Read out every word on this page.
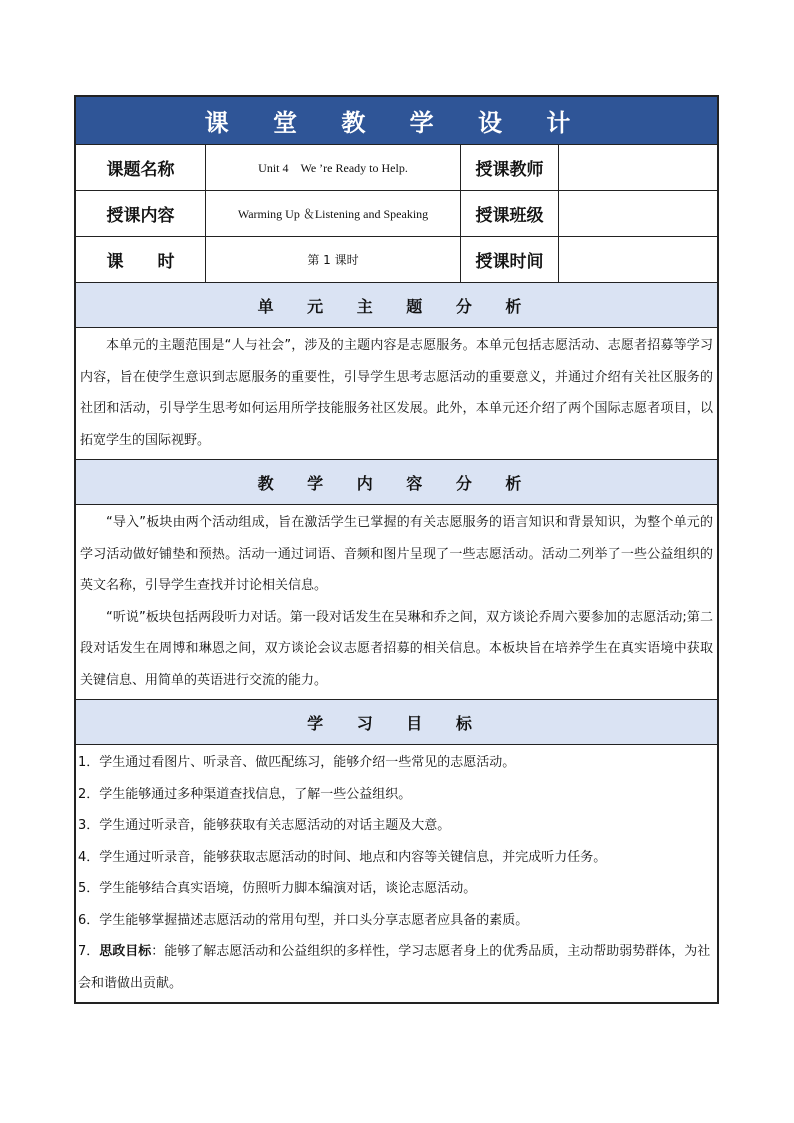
课 堂 教 学 设 计
课题名称	Unit 4　We ’re Ready to Help.	授课教师
授课内容	Warming Up ＆Listening and Speaking	授课班级
课　　时	第 1 课时	授课时间
单 元 主 题 分 析

本单元的主题范围是“人与社会”，涉及的主题内容是志愿服务。本单元包括志愿活动、志愿者招募等学习内容，旨在使学生意识到志愿服务的重要性，引导学生思考志愿活动的重要意义，并通过介绍有关社区服务的社团和活动，引导学生思考如何运用所学技能服务社区发展。此外，本单元还介绍了两个国际志愿者项目，以拓宽学生的国际视野。

教 学 内 容 分 析

“导入”板块由两个活动组成，旨在激活学生已掌握的有关志愿服务的语言知识和背景知识，为整个单元的学习活动做好铺垫和预热。活动一通过词语、音频和图片呈现了一些志愿活动。活动二列举了一些公益组织的英文名称，引导学生查找并讨论相关信息。

“听说”板块包括两段听力对话。第一段对话发生在吴琳和乔之间，双方谈论乔周六要参加的志愿活动;第二段对话发生在周博和琳恩之间，双方谈论会议志愿者招募的相关信息。本板块旨在培养学生在真实语境中获取关键信息、用简单的英语进行交流的能力。

学 习 目 标
1．学生通过看图片、听录音、做匹配练习，能够介绍一些常见的志愿活动。
2．学生能够通过多种渠道查找信息，了解一些公益组织。
3．学生通过听录音，能够获取有关志愿活动的对话主题及大意。
4．学生通过听录音，能够获取志愿活动的时间、地点和内容等关键信息，并完成听力任务。
5．学生能够结合真实语境，仿照听力脚本编演对话，谈论志愿活动。
6．学生能够掌握描述志愿活动的常用句型，并口头分享志愿者应具备的素质。
7．思政目标：能够了解志愿活动和公益组织的多样性，学习志愿者身上的优秀品质，主动帮助弱势群体，为社会和谐做出贡献。
